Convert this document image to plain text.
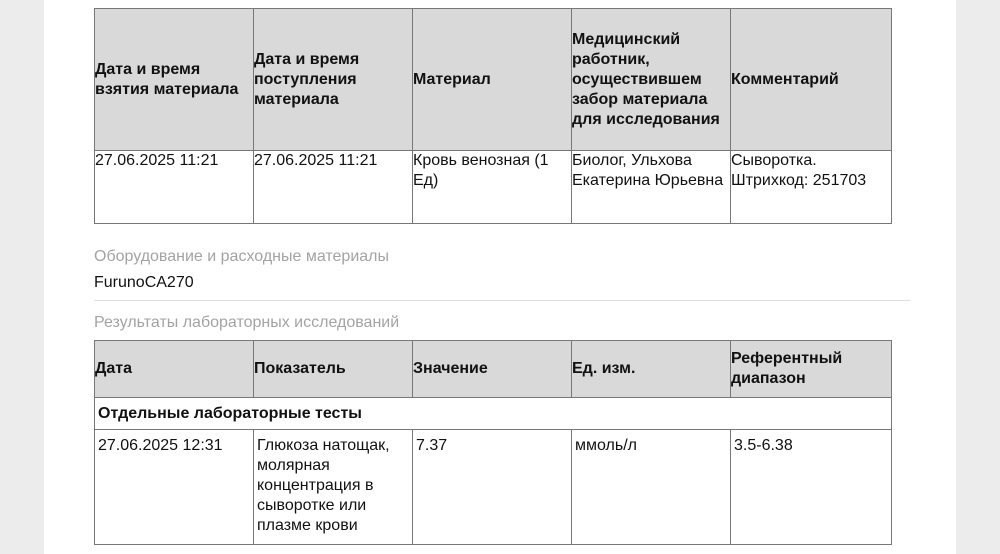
Дата и время взятия материала	Дата и время поступления материала	Материал	Медицинский работник, осуществившем забор материала для исследования	Комментарий
27.06.2025 11:21	27.06.2025 11:21	Кровь венозная (1 Ед)	Биолог, Ульхова Екатерина Юрьевна	Сыворотка. Штрихкод: 251703
Оборудование и расходные материалы
FurunoCA270
Результаты лабораторных исследований
Дата	Показатель	Значение	Ед. изм.	Референтный диапазон
Отдельные лабораторные тесты				
27.06.2025 12:31	Глюкоза натощак, молярная концентрация в сыворотке или плазме крови	7.37	ммоль/л	3.5-6.38
